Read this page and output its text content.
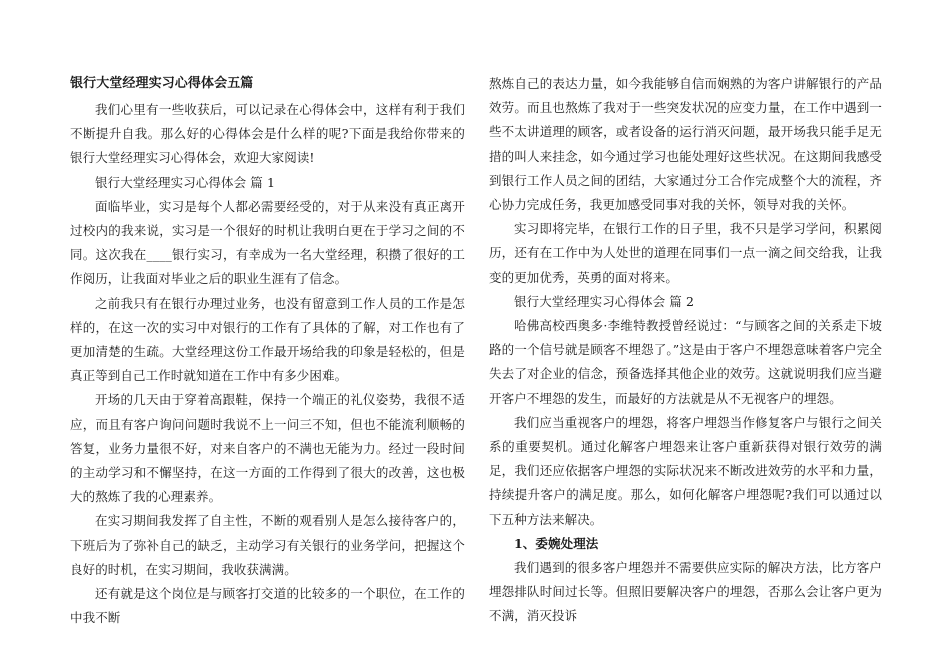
银行大堂经理实习心得体会五篇

我们心里有一些收获后，可以记录在心得体会中，这样有利于我们不断提升自我。那么好的心得体会是什么样的呢?下面是我给你带来的银行大堂经理实习心得体会，欢迎大家阅读!

银行大堂经理实习心得体会 篇 1

面临毕业，实习是每个人都必需要经受的，对于从来没有真正离开过校内的我来说，实习是一个很好的时机让我明白更在于学习之间的不同。这次我在____银行实习，有幸成为一名大堂经理，积攒了很好的工作阅历，让我面对毕业之后的职业生涯有了信念。

之前我只有在银行办理过业务，也没有留意到工作人员的工作是怎样的，在这一次的实习中对银行的工作有了具体的了解，对工作也有了更加清楚的生疏。大堂经理这份工作最开场给我的印象是轻松的，但是真正等到自己工作时就知道在工作中有多少困难。

开场的几天由于穿着高跟鞋，保持一个端正的礼仪姿势，我很不适应，而且有客户询问问题时我说不上一问三不知，但也不能流利顺畅的答复，业务力量很不好，对来自客户的不满也无能为力。经过一段时间的主动学习和不懈坚持，在这一方面的工作得到了很大的改善，这也极大的熬炼了我的心理素养。

在实习期间我发挥了自主性，不断的观看别人是怎么接待客户的，下班后为了弥补自己的缺乏，主动学习有关银行的业务学问，把握这个良好的时机，在实习期间，我收获满满。

还有就是这个岗位是与顾客打交道的比较多的一个职位，在工作的中我不断

熬炼自己的表达力量，如今我能够自信而娴熟的为客户讲解银行的产品效劳。而且也熬炼了我对于一些突发状况的应变力量，在工作中遇到一些不太讲道理的顾客，或者设备的运行消灭问题，最开场我只能手足无措的叫人来挂念，如今通过学习也能处理好这些状况。在这期间我感受到银行工作人员之间的团结，大家通过分工合作完成整个大的流程，齐心协力完成任务，我更加感受同事对我的关怀，领导对我的关怀。

实习即将完毕，在银行工作的日子里，我不只是学习学问，积累阅历，还有在工作中为人处世的道理在同事们一点一滴之间交给我，让我变的更加优秀，英勇的面对将来。

银行大堂经理实习心得体会 篇 2

哈佛高校西奥多·李维特教授曾经说过：“与顾客之间的关系走下坡路的一个信号就是顾客不埋怨了。”这是由于客户不埋怨意味着客户完全失去了对企业的信念，预备选择其他企业的效劳。这就说明我们应当避开客户不埋怨的发生，而最好的方法就是从不无视客户的埋怨。

我们应当重视客户的埋怨，将客户埋怨当作修复客户与银行之间关系的重要契机。通过化解客户埋怨来让客户重新获得对银行效劳的满足，我们还应依据客户埋怨的实际状况来不断改进效劳的水平和力量，持续提升客户的满足度。那么，如何化解客户埋怨呢?我们可以通过以下五种方法来解决。

1、委婉处理法

我们遇到的很多客户埋怨并不需要供应实际的解决方法，比方客户埋怨排队时间过长等。但照旧要解决客户的埋怨，否那么会让客户更为不满，消灭投诉
